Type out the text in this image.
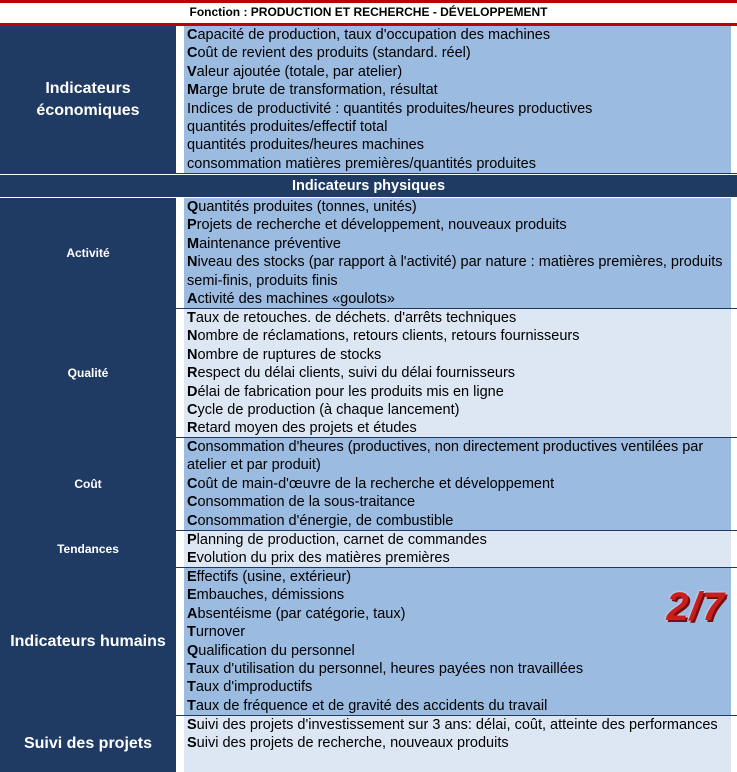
Fonction : PRODUCTION ET RECHERCHE - DÉVELOPPEMENT
Indicateurs économiques
Capacité de production, taux d'occupation des machines
Coût de revient des produits (standard. réel)
Valeur ajoutée (totale, par atelier)
Marge brute de transformation, résultat
Indices de productivité : quantités produites/heures productives
quantités produites/effectif total
quantités produites/heures machines
consommation matières premières/quantités produites
Indicateurs physiques
Activité
Quantités produites (tonnes, unités)
Projets de recherche et développement, nouveaux produits
Maintenance préventive
Niveau des stocks (par rapport à l'activité) par nature : matières premières, produits semi-finis, produits finis
Activité des machines «goulots»
Qualité
Taux de retouches. de déchets. d'arrêts techniques
Nombre de réclamations, retours clients, retours fournisseurs
Nombre de ruptures de stocks
Respect du délai clients, suivi du délai fournisseurs
Délai de fabrication pour les produits mis en ligne
Cycle de production (à chaque lancement)
Retard moyen des projets et études
Coût
Consommation d'heures (productives, non directement productives ventilées par atelier et par produit)
Coût de main-d'œuvre de la recherche et développement
Consommation de la sous-traitance
Consommation d'énergie, de combustible
Tendances
Planning de production, carnet de commandes
Evolution du prix des matières premières
Indicateurs humains
Effectifs (usine, extérieur)
Embauches, démissions
Absentéisme (par catégorie, taux)
Turnover
Qualification du personnel
Taux d'utilisation du personnel, heures payées non travaillées
Taux d'improductifs
Taux de fréquence et de gravité des accidents du travail
Suivi des projets
Suivi des projets d'investissement sur 3 ans: délai, coût, atteinte des performances
Suivi des projets de recherche, nouveaux produits
2/7
